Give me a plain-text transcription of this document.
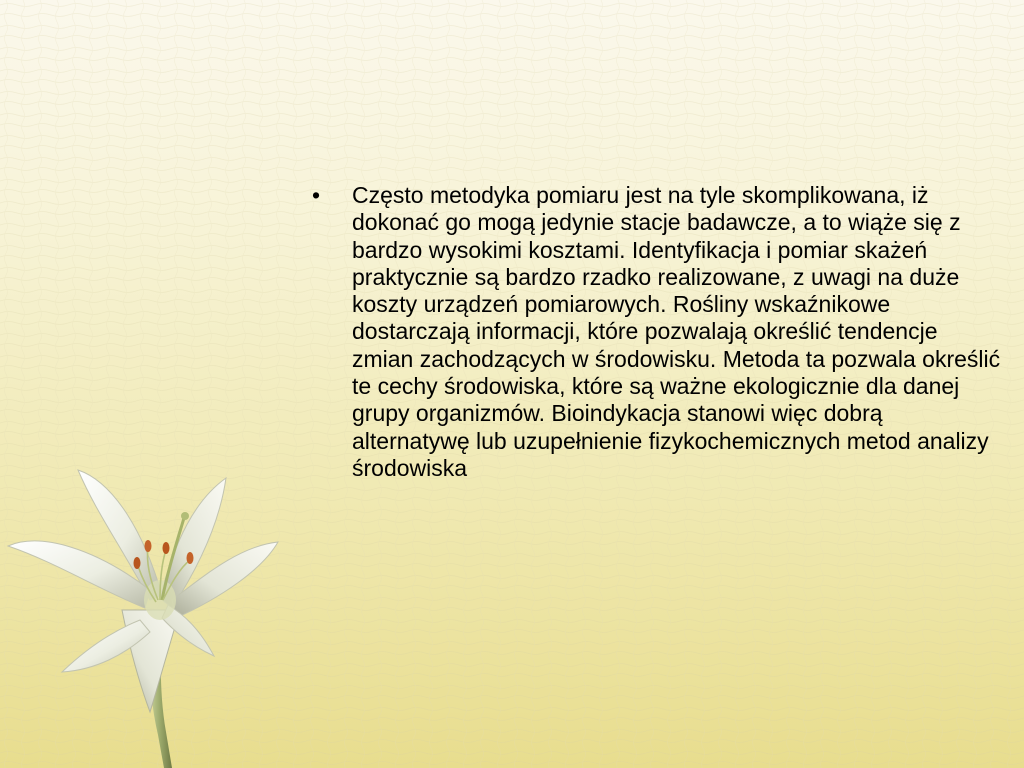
•	Często metodyka pomiaru jest na tyle skomplikowana, iż dokonać go mogą jedynie stacje badawcze, a to wiąże się z bardzo wysokimi kosztami. Identyfikacja i pomiar skażeń praktycznie są bardzo rzadko realizowane, z uwagi na duże koszty urządzeń pomiarowych. Rośliny wskaźnikowe dostarczają informacji, które pozwalają określić tendencje zmian zachodzących w środowisku. Metoda ta pozwala określić te cechy środowiska, które są ważne ekologicznie dla danej grupy organizmów. Bioindykacja stanowi więc dobrą alternatywę lub uzupełnienie fizykochemicznych metod analizy środowiska
